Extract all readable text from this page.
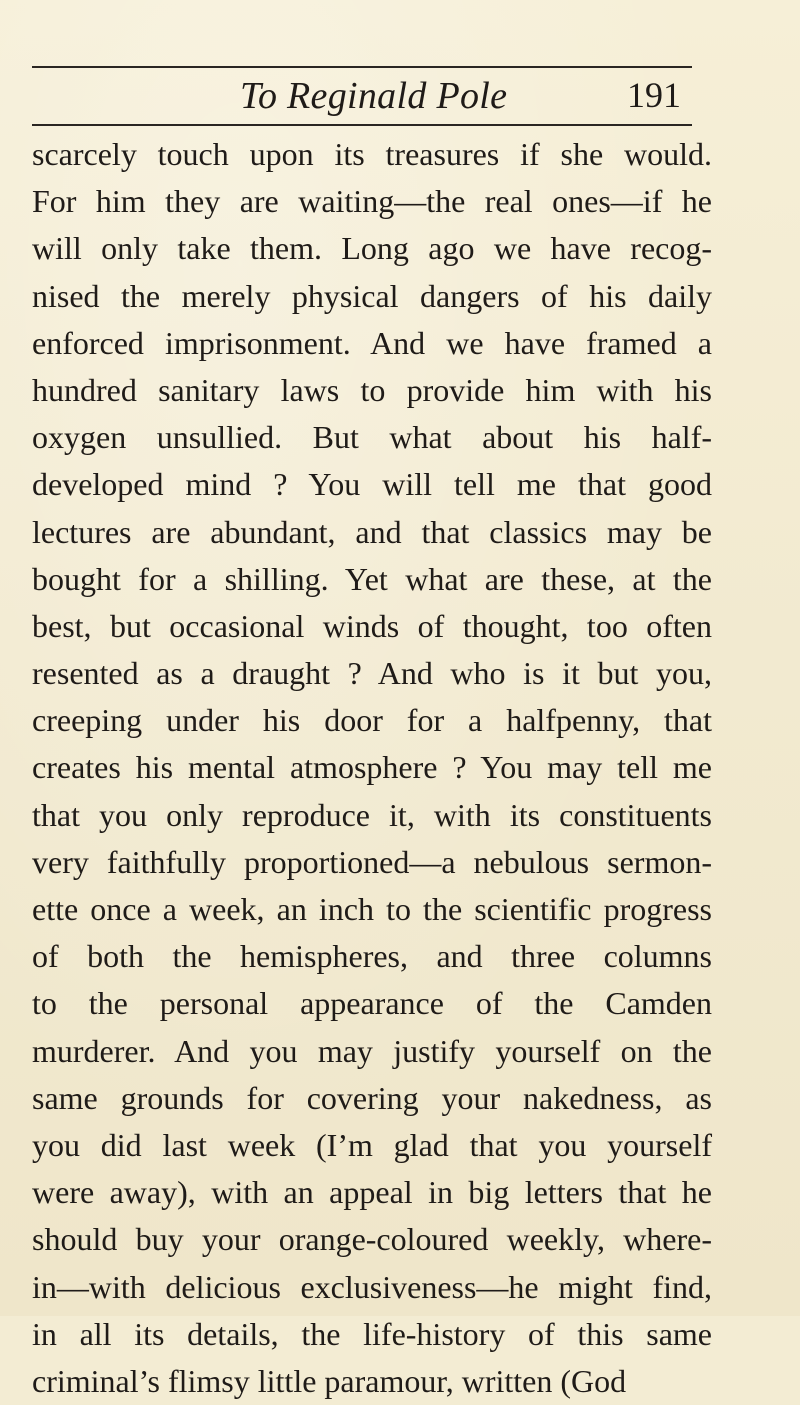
To Reginald Pole	191
scarcely touch upon its treasures if she would.
For him they are waiting—the real ones—if he
will only take them. Long ago we have recog-
nised the merely physical dangers of his daily
enforced imprisonment. And we have framed a
hundred sanitary laws to provide him with his
oxygen unsullied. But what about his half-
developed mind ? You will tell me that good
lectures are abundant, and that classics may be
bought for a shilling. Yet what are these, at the
best, but occasional winds of thought, too often
resented as a draught ? And who is it but you,
creeping under his door for a halfpenny, that
creates his mental atmosphere ? You may tell me
that you only reproduce it, with its constituents
very faithfully proportioned—a nebulous sermon-
ette once a week, an inch to the scientific progress
of both the hemispheres, and three columns
to the personal appearance of the Camden
murderer. And you may justify yourself on the
same grounds for covering your nakedness, as
you did last week (I’m glad that you yourself
were away), with an appeal in big letters that he
should buy your orange-coloured weekly, where-
in—with delicious exclusiveness—he might find,
in all its details, the life-history of this same
criminal’s flimsy little paramour, written (God
